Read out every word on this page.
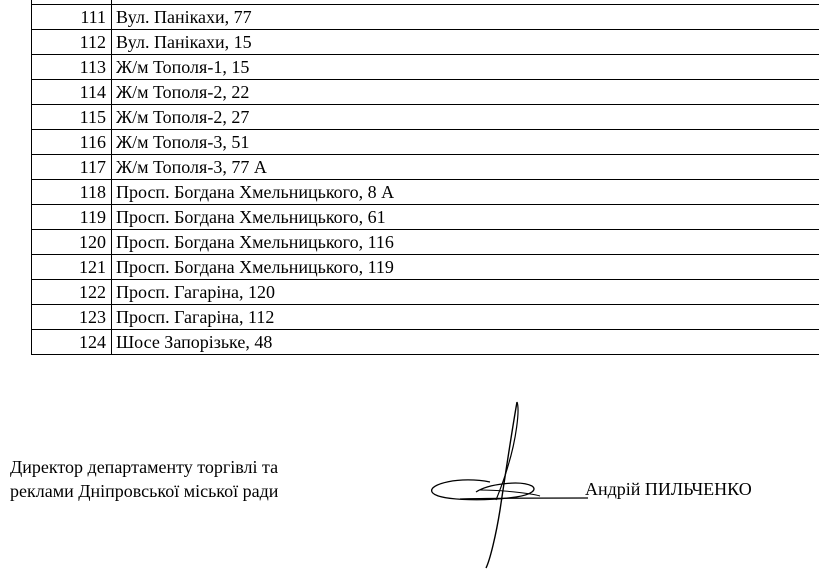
111	Вул. Панікахи, 77
112	Вул. Панікахи, 15
113	Ж/м Тополя-1, 15
114	Ж/м Тополя-2, 22
115	Ж/м Тополя-2, 27
116	Ж/м Тополя-3, 51
117	Ж/м Тополя-3, 77 А
118	Просп. Богдана Хмельницького, 8 А
119	Просп. Богдана Хмельницького, 61
120	Просп. Богдана Хмельницького, 116
121	Просп. Богдана Хмельницького, 119
122	Просп. Гагаріна, 120
123	Просп. Гагаріна, 112
124	Шосе Запорізьке, 48
Директор департаменту торгівлі та
реклами Дніпровської міської ради	Андрій ПИЛЬЧЕНКО
